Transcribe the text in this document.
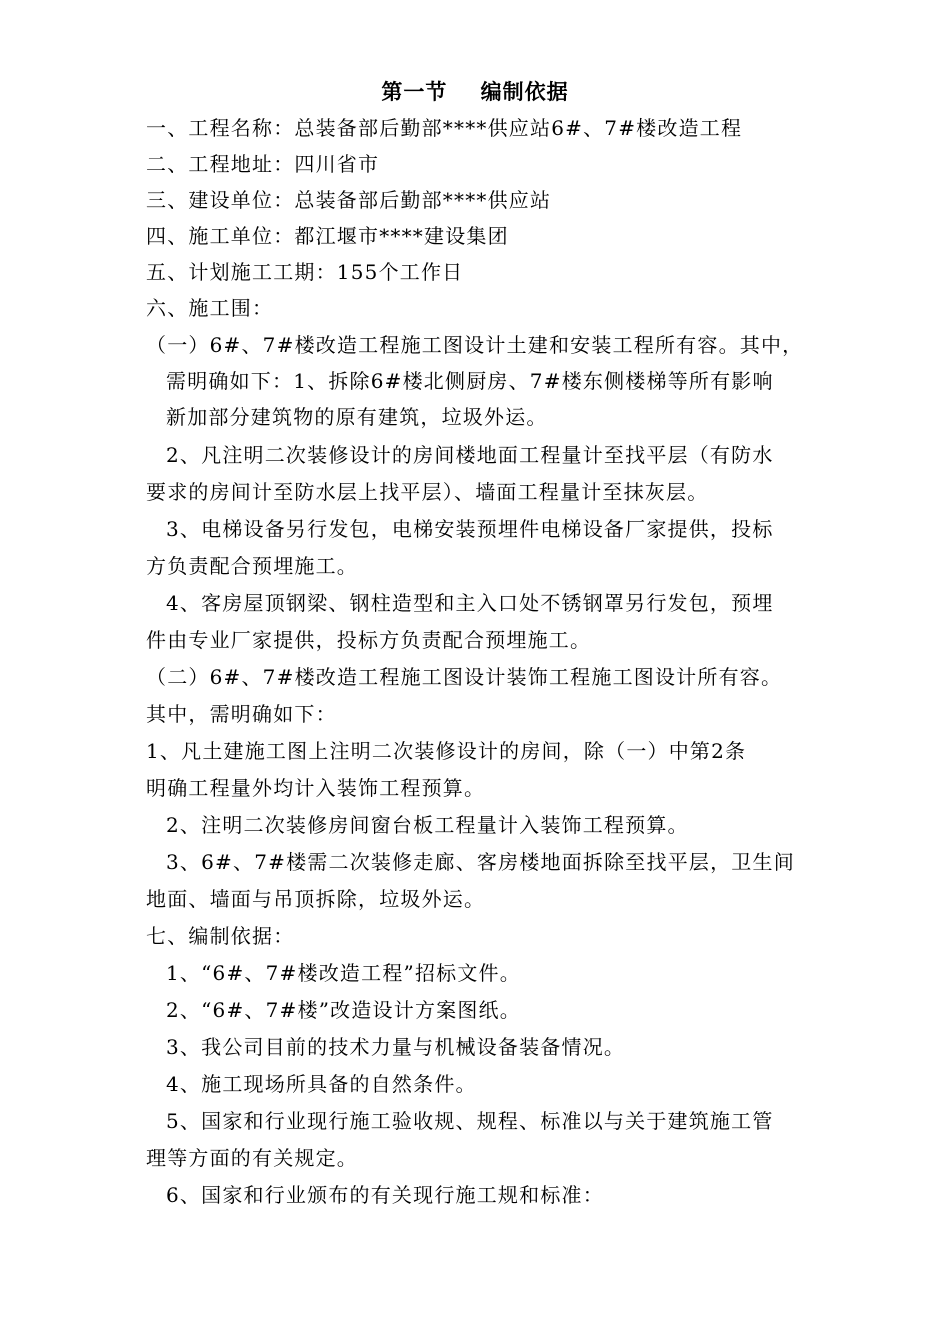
第一节    编制依据
一、工程名称：总装备部后勤部****供应站6#、7#楼改造工程
二、工程地址：四川省市
三、建设单位：总装备部后勤部****供应站
四、施工单位：都江堰市****建设集团
五、计划施工工期：155个工作日
六、施工围：
（一）6#、7#楼改造工程施工图设计土建和安装工程所有容。其中，
需明确如下：1、拆除6#楼北侧厨房、7#楼东侧楼梯等所有影响
新加部分建筑物的原有建筑，垃圾外运。
2、凡注明二次装修设计的房间楼地面工程量计至找平层（有防水
要求的房间计至防水层上找平层）、墙面工程量计至抹灰层。
3、电梯设备另行发包，电梯安装预埋件电梯设备厂家提供，投标
方负责配合预埋施工。
4、客房屋顶钢梁、钢柱造型和主入口处不锈钢罩另行发包，预埋
件由专业厂家提供，投标方负责配合预埋施工。
（二）6#、7#楼改造工程施工图设计装饰工程施工图设计所有容。
其中，需明确如下：
1、凡土建施工图上注明二次装修设计的房间，除（一）中第2条
明确工程量外均计入装饰工程预算。
2、注明二次装修房间窗台板工程量计入装饰工程预算。
3、6#、7#楼需二次装修走廊、客房楼地面拆除至找平层，卫生间
地面、墙面与吊顶拆除，垃圾外运。
七、编制依据：
1、“6#、7#楼改造工程”招标文件。
2、“6#、7#楼”改造设计方案图纸。
3、我公司目前的技术力量与机械设备装备情况。
4、施工现场所具备的自然条件。
5、国家和行业现行施工验收规、规程、标准以与关于建筑施工管
理等方面的有关规定。
6、国家和行业颁布的有关现行施工规和标准：
